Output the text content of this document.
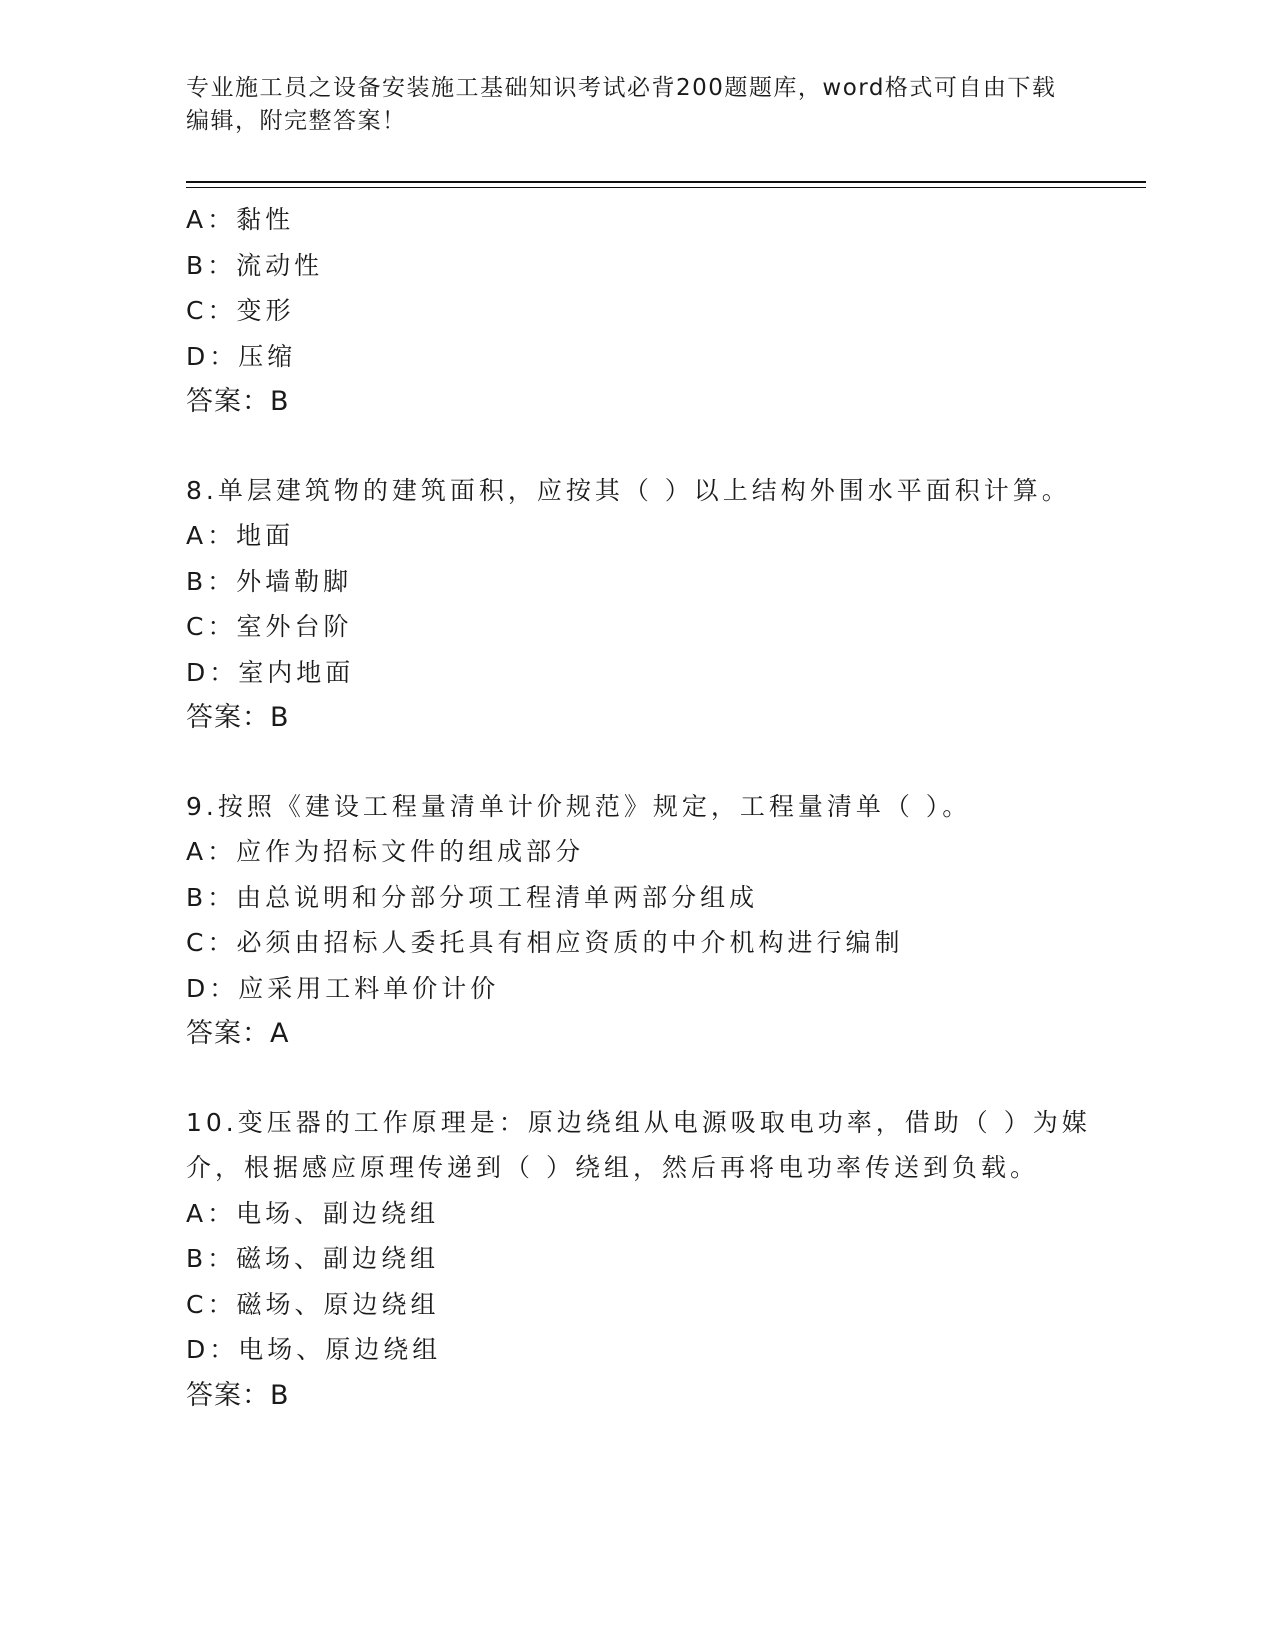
专业施工员之设备安装施工基础知识考试必背200题题库，word格式可自由下载编辑，附完整答案！

A：黏性
B：流动性
C：变形
D：压缩
答案：B
8.单层建筑物的建筑面积，应按其（ ）以上结构外围水平面积计算。
A：地面
B：外墙勒脚
C：室外台阶
D：室内地面
答案：B
9.按照《建设工程量清单计价规范》规定，工程量清单（ ）。
A：应作为招标文件的组成部分
B：由总说明和分部分项工程清单两部分组成
C：必须由招标人委托具有相应资质的中介机构进行编制
D：应采用工料单价计价
答案：A
10.变压器的工作原理是：原边绕组从电源吸取电功率，借助（ ）为媒介，根据感应原理传递到（ ）绕组，然后再将电功率传送到负载。
A：电场、副边绕组
B：磁场、副边绕组
C：磁场、原边绕组
D：电场、原边绕组
答案：B
